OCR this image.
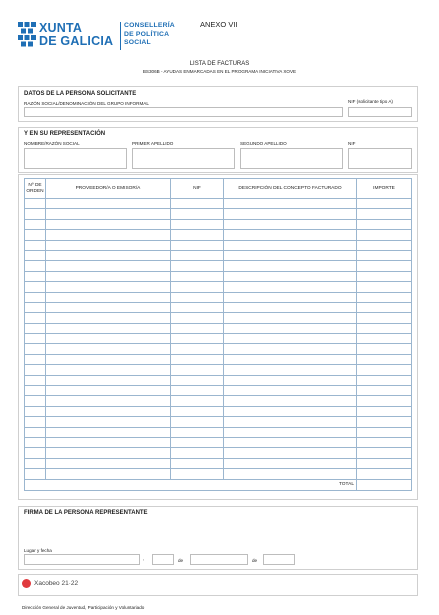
XUNTA
DE GALICIA
CONSELLERÍA
DE POLÍTICA
SOCIAL
ANEXO VII
LISTA DE FACTURAS
BS306B - AYUDAS ENMARCADAS EN EL PROGRAMA INICIATIVA XOVE
DATOS DE LA PERSONA SOLICITANTE
RAZÓN SOCIAL/DENOMINACIÓN DEL GRUPO INFORMAL	NIF (solicitante tipo A)
Y EN SU REPRESENTACIÓN
NOMBRE/RAZÓN SOCIAL	PRIMER APELLIDO	SEGUNDO APELLIDO	NIF
Nº DE ORDEN	PROVEEDOR/A O EMISOR/A	NIF	DESCRIPCIÓN DEL CONCEPTO FACTURADO	IMPORTE

TOTAL				
FIRMA DE LA PERSONA REPRESENTANTE
Lugar y fecha
,	de	de
Xacobeo 21·22
Dirección General de Juventud, Participación y Voluntariado
